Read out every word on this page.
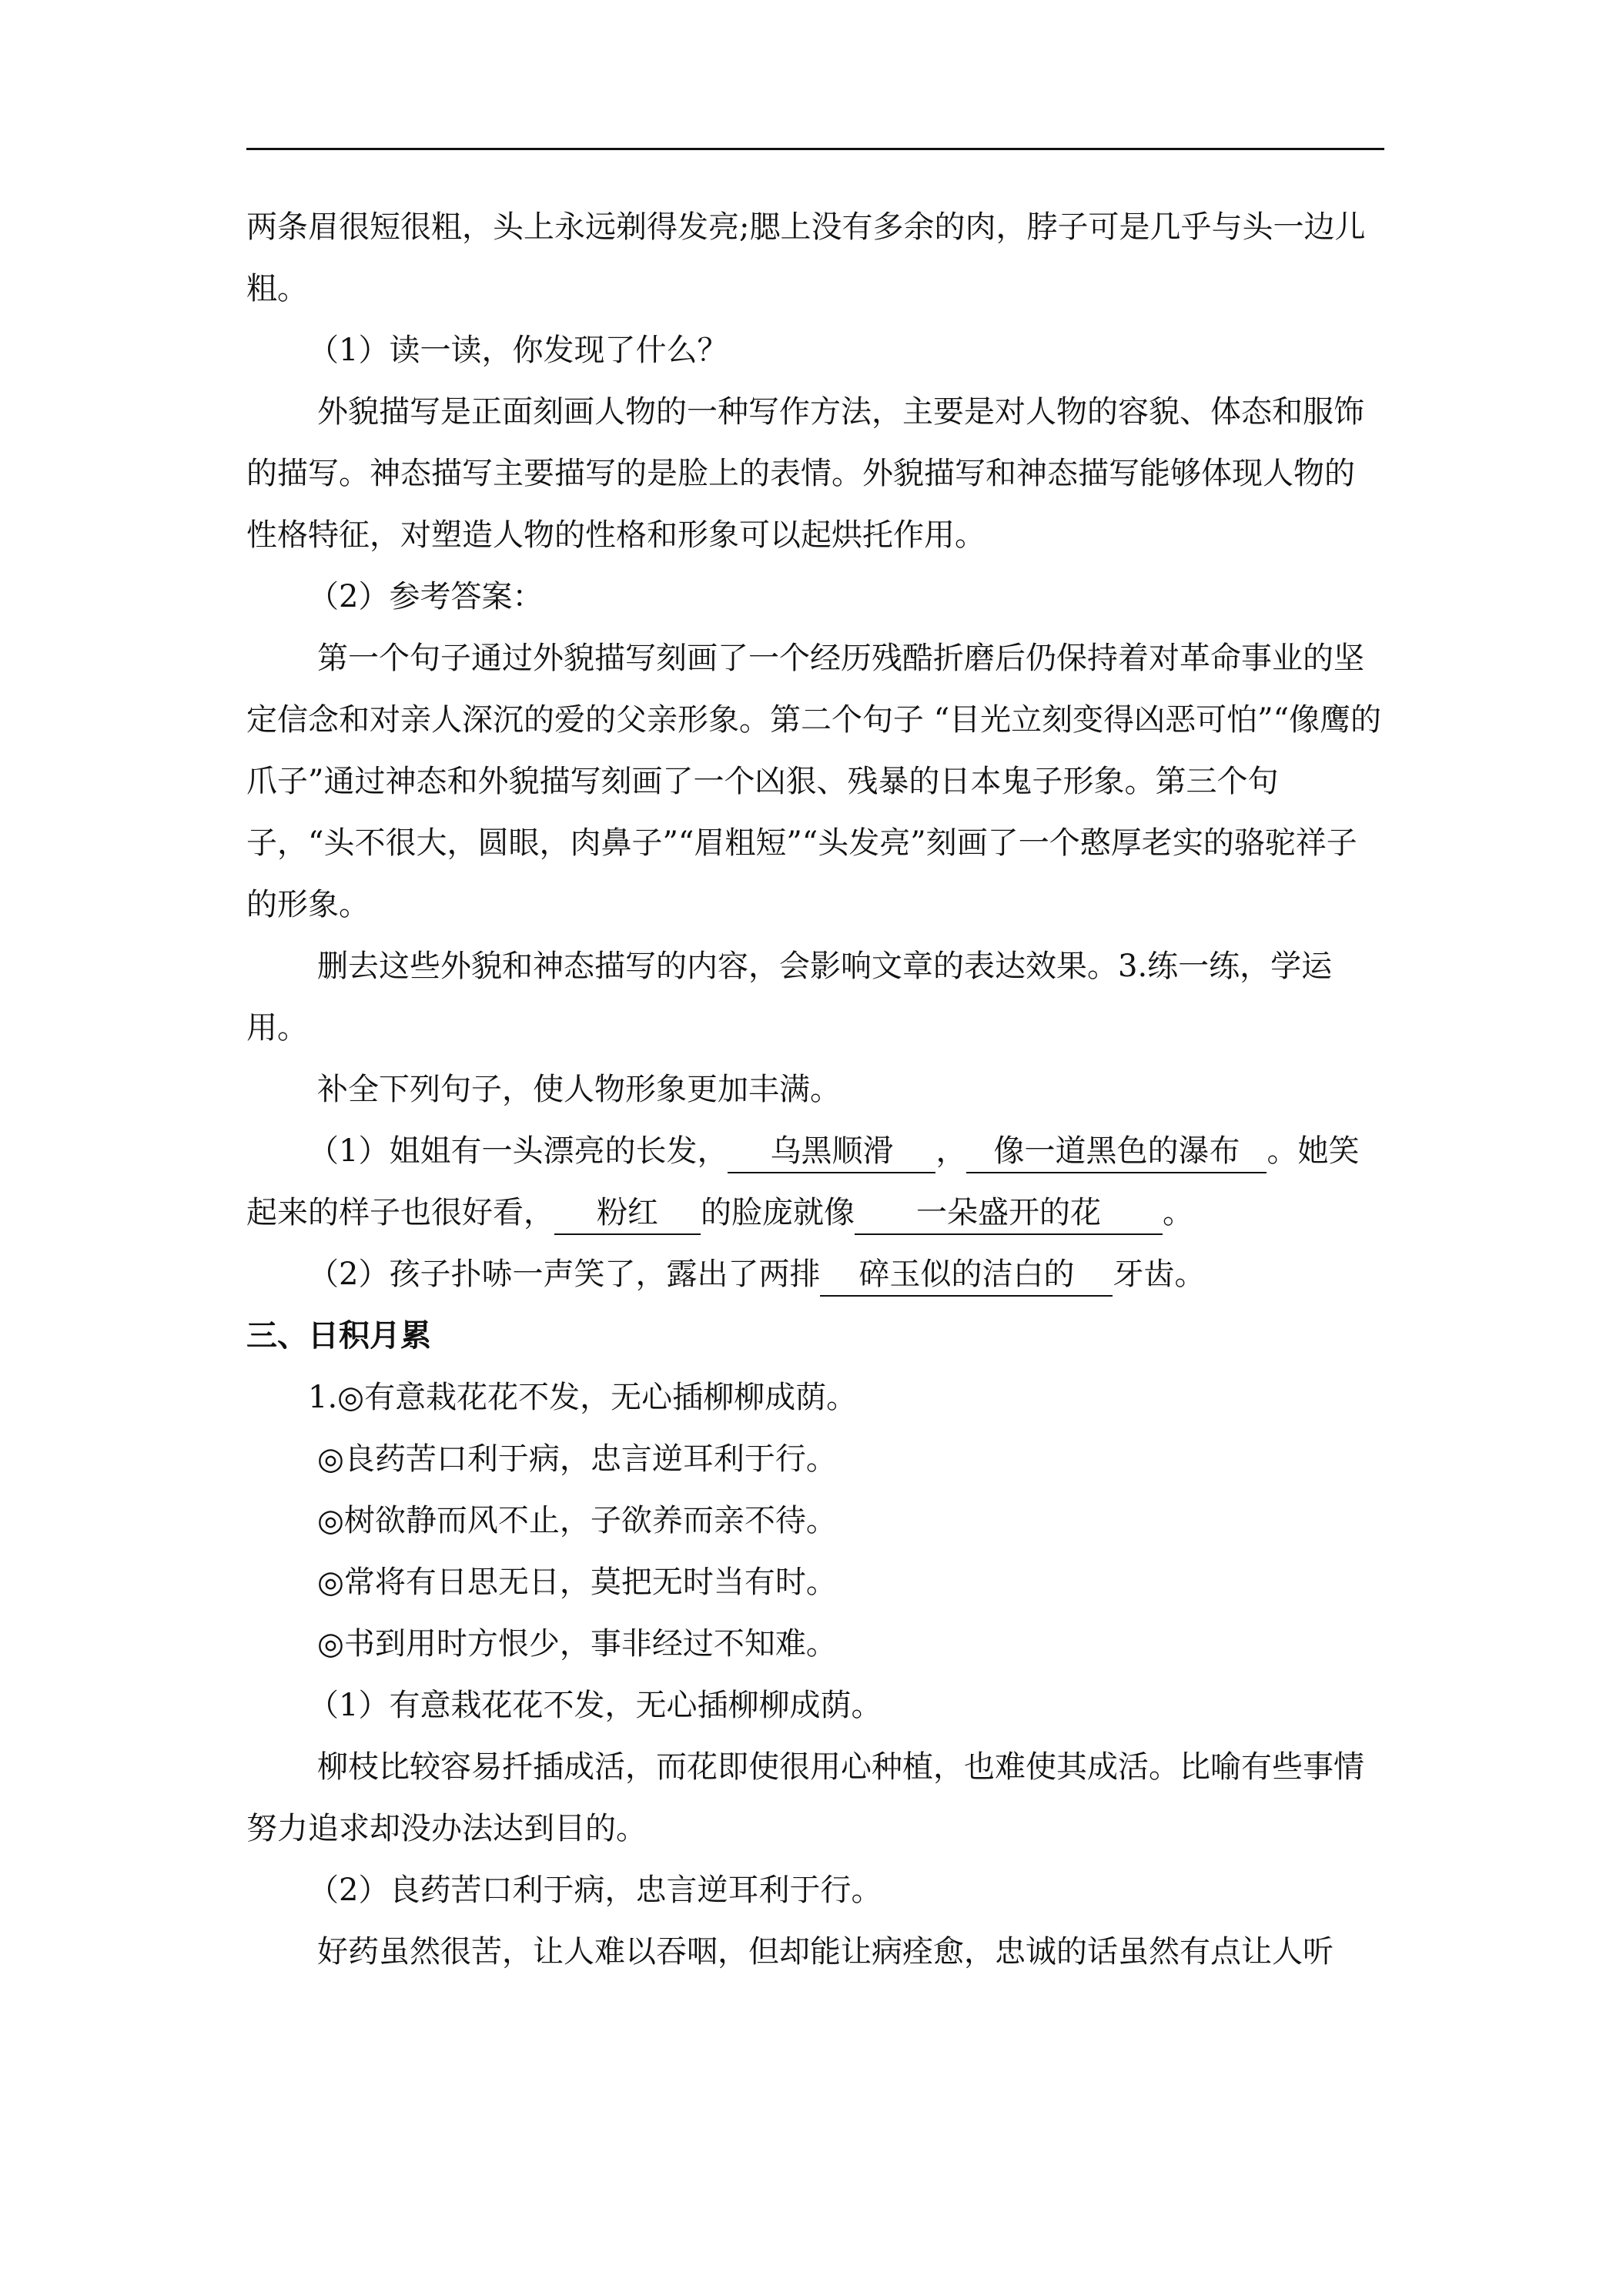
两条眉很短很粗，头上永远剃得发亮;腮上没有多余的肉，脖子可是几乎与头一边儿粗。

（1）读一读，你发现了什么？

外貌描写是正面刻画人物的一种写作方法，主要是对人物的容貌、体态和服饰的描写。神态描写主要描写的是脸上的表情。外貌描写和神态描写能够体现人物的性格特征，对塑造人物的性格和形象可以起烘托作用。

（2）参考答案：

第一个句子通过外貌描写刻画了一个经历残酷折磨后仍保持着对革命事业的坚定信念和对亲人深沉的爱的父亲形象。第二个句子 “目光立刻变得凶恶可怕”“像鹰的爪子”通过神态和外貌描写刻画了一个凶狠、残暴的日本鬼子形象。第三个句子，“头不很大，圆眼，肉鼻子”“眉粗短”“头发亮”刻画了一个憨厚老实的骆驼祥子的形象。

删去这些外貌和神态描写的内容，会影响文章的表达效果。3.练一练，学运用。

补全下列句子，使人物形象更加丰满。

（1）姐姐有一头漂亮的长发， 乌黑顺滑 ， 像一道黑色的瀑布 。她笑起来的样子也很好看， 粉红 的脸庞就像 一朵盛开的花 。

（2）孩子扑哧一声笑了，露出了两排 碎玉似的洁白的 牙齿。

三、日积月累

1.◎有意栽花花不发，无心插柳柳成荫。

◎良药苦口利于病，忠言逆耳利于行。

◎树欲静而风不止，子欲养而亲不待。

◎常将有日思无日，莫把无时当有时。

◎书到用时方恨少，事非经过不知难。

（1）有意栽花花不发，无心插柳柳成荫。

柳枝比较容易扦插成活，而花即使很用心种植，也难使其成活。比喻有些事情努力追求却没办法达到目的。

（2）良药苦口利于病，忠言逆耳利于行。

好药虽然很苦，让人难以吞咽，但却能让病痊愈，忠诚的话虽然有点让人听
